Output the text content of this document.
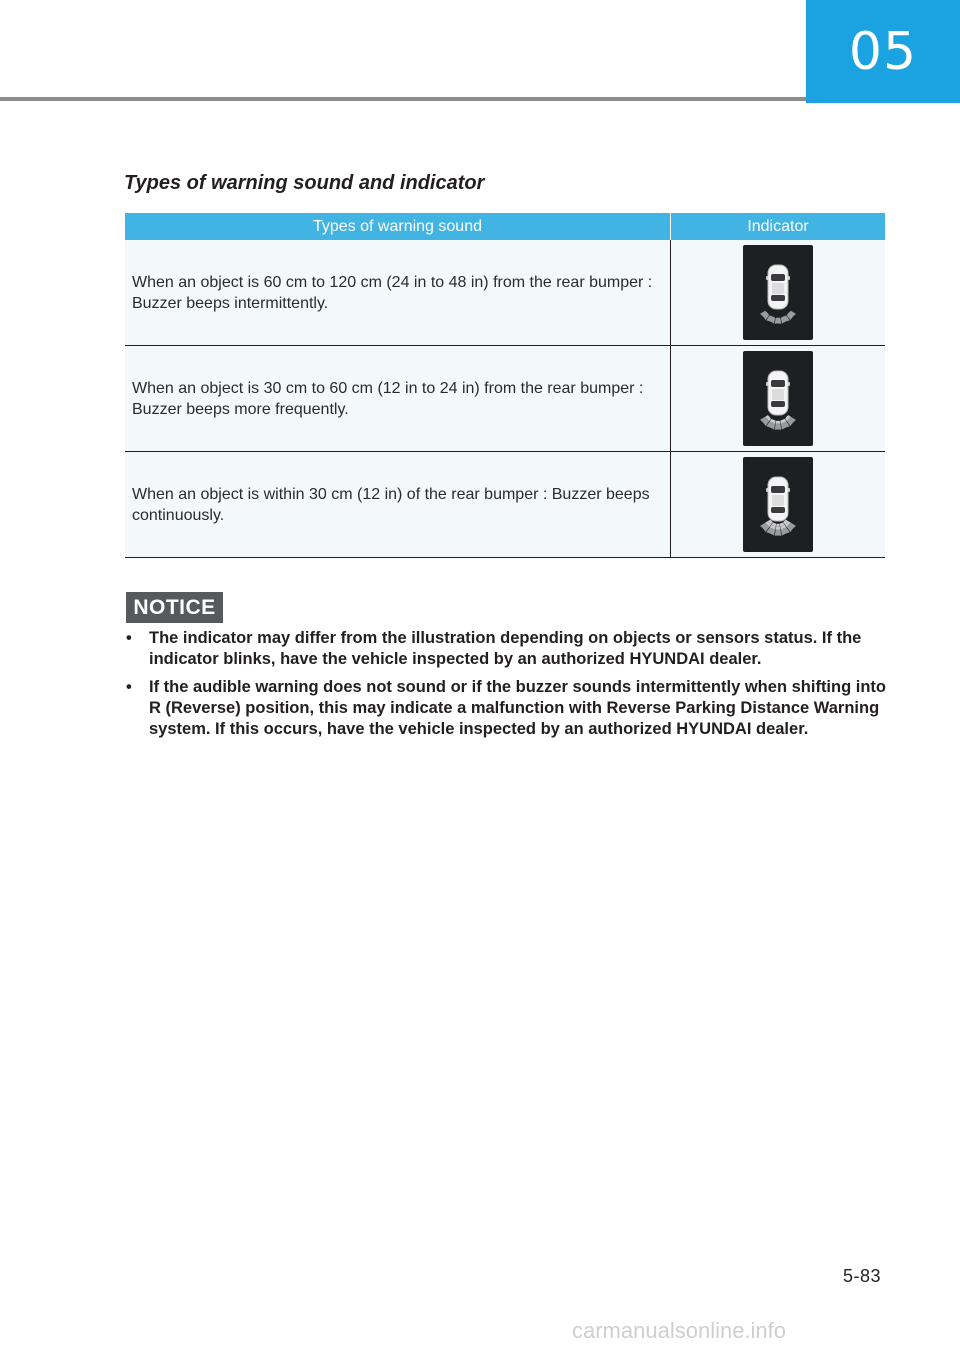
05
Types of warning sound and indicator
Types of warning sound	Indicator
When an object is 60 cm to 120 cm (24 in to 48 in) from the rear bumper : Buzzer beeps intermittently.	

When an object is 30 cm to 60 cm (12 in to 24 in) from the rear bumper : Buzzer beeps more frequently.	

When an object is within 30 cm (12 in) of the rear bumper : Buzzer beeps continuously.	
NOTICE
• The indicator may differ from the illustration depending on objects or sensors status. If the indicator blinks, have the vehicle inspected by an authorized HYUNDAI dealer.
• If the audible warning does not sound or if the buzzer sounds intermittently when shifting into R (Reverse) position, this may indicate a malfunction with Reverse Parking Distance Warning system. If this occurs, have the vehicle inspected by an authorized HYUNDAI dealer.
5-83
carmanualsonline.info
